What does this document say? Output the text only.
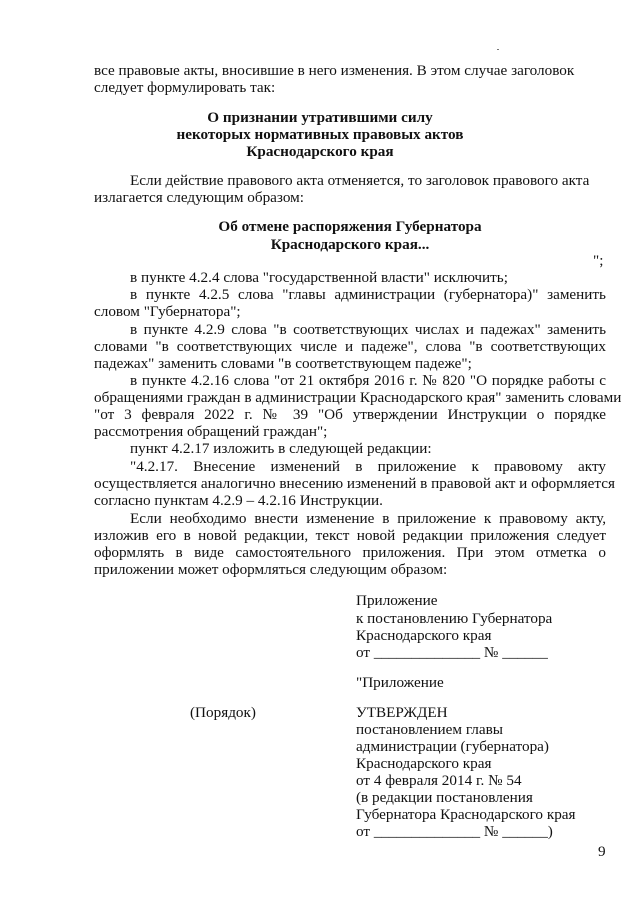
все правовые акты, вносившие в него изменения. В этом случае заголовок
следует формулировать так:
О признании утратившими силу
некоторых нормативных правовых актов
Краснодарского края
Если действие правового акта отменяется, то заголовок правового акта
излагается следующим образом:
Об отмене распоряжения Губернатора
Краснодарского края...
";
в пункте 4.2.4 слова "государственной власти" исключить;
в пункте 4.2.5 слова "главы администрации (губернатора)" заменить
словом "Губернатора";
в пункте 4.2.9 слова "в соответствующих числах и падежах" заменить
словами "в соответствующих числе и падеже", слова "в соответствующих
падежах" заменить словами "в соответствующем падеже";
в пункте 4.2.16 слова "от 21 октября 2016 г. № 820 "О порядке работы с
обращениями граждан в администрации Краснодарского края" заменить словами
"от 3 февраля 2022 г. № 39 "Об утверждении Инструкции о порядке
рассмотрения обращений граждан";
пункт 4.2.17 изложить в следующей редакции:
"4.2.17. Внесение изменений в приложение к правовому акту
осуществляется аналогично внесению изменений в правовой акт и оформляется
согласно пунктам 4.2.9 – 4.2.16 Инструкции.
Если необходимо внести изменение в приложение к правовому акту,
изложив его в новой редакции, текст новой редакции приложения следует
оформлять в виде самостоятельного приложения. При этом отметка о
приложении может оформляться следующим образом:
Приложение
к постановлению Губернатора
Краснодарского края
от ______________ № ______
"Приложение
(Порядок)	УТВЕРЖДЕН
постановлением главы
администрации (губернатора)
Краснодарского края
от 4 февраля 2014 г. № 54
(в редакции постановления
Губернатора Краснодарского края
от ______________ № ______)
9
